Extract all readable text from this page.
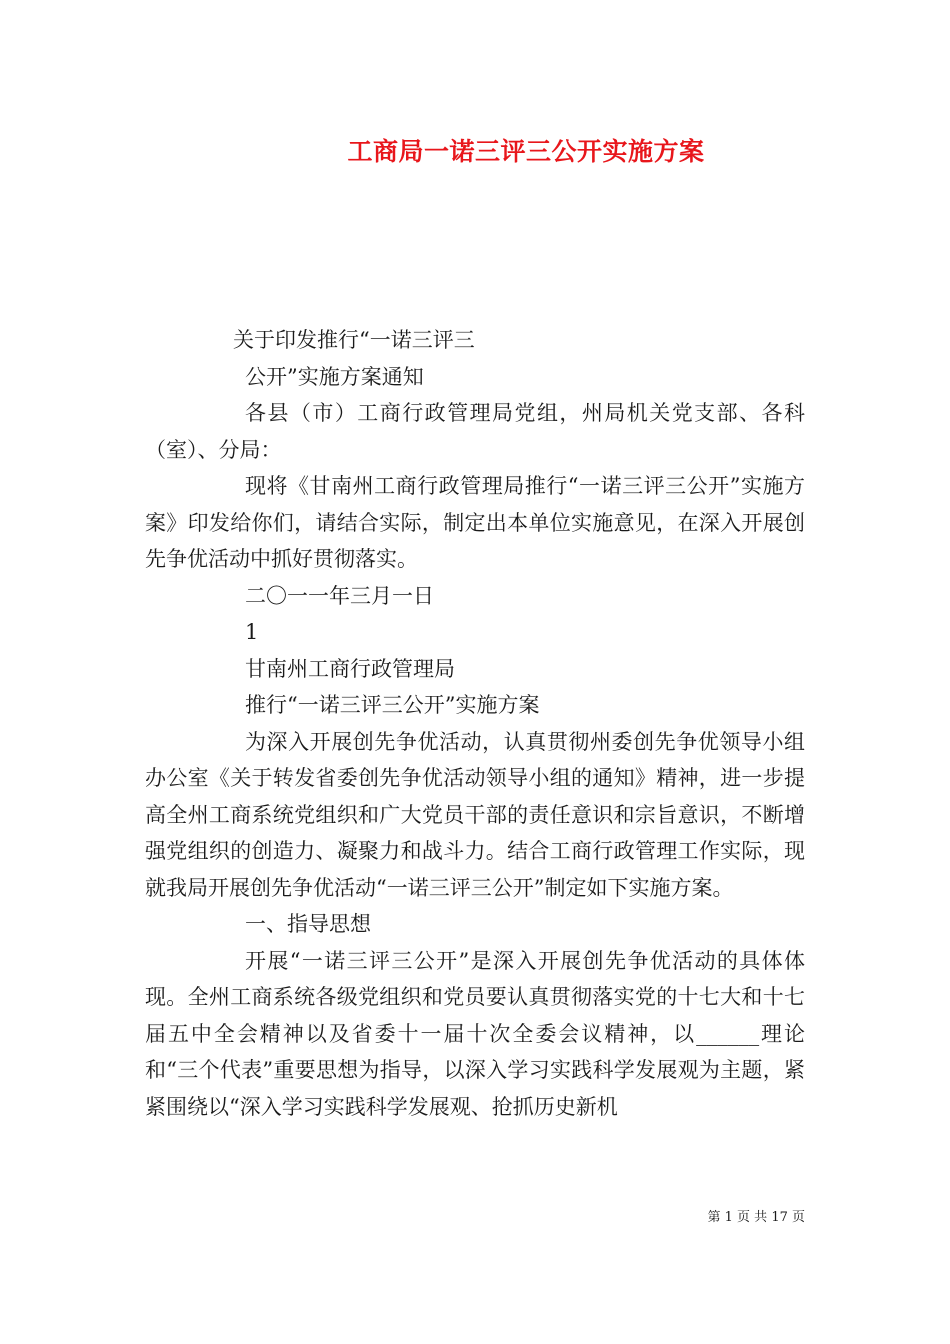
工商局一诺三评三公开实施方案

关于印发推行“一诺三评三

公开”实施方案通知

各县（市）工商行政管理局党组，州局机关党支部、各科（室）、分局：

现将《甘南州工商行政管理局推行“一诺三评三公开”实施方案》印发给你们，请结合实际，制定出本单位实施意见，在深入开展创先争优活动中抓好贯彻落实。

二〇一一年三月一日

1

甘南州工商行政管理局

推行“一诺三评三公开”实施方案

为深入开展创先争优活动，认真贯彻州委创先争优领导小组办公室《关于转发省委创先争优活动领导小组的通知》精神，进一步提高全州工商系统党组织和广大党员干部的责任意识和宗旨意识，不断增强党组织的创造力、凝聚力和战斗力。结合工商行政管理工作实际，现就我局开展创先争优活动“一诺三评三公开”制定如下实施方案。

一、指导思想

开展“一诺三评三公开”是深入开展创先争优活动的具体体现。全州工商系统各级党组织和党员要认真贯彻落实党的十七大和十七届五中全会精神以及省委十一届十次全委会议精神，以______理论和“三个代表”重要思想为指导，以深入学习实践科学发展观为主题，紧紧围绕以“深入学习实践科学发展观、抢抓历史新机

第 1 页 共 17 页
